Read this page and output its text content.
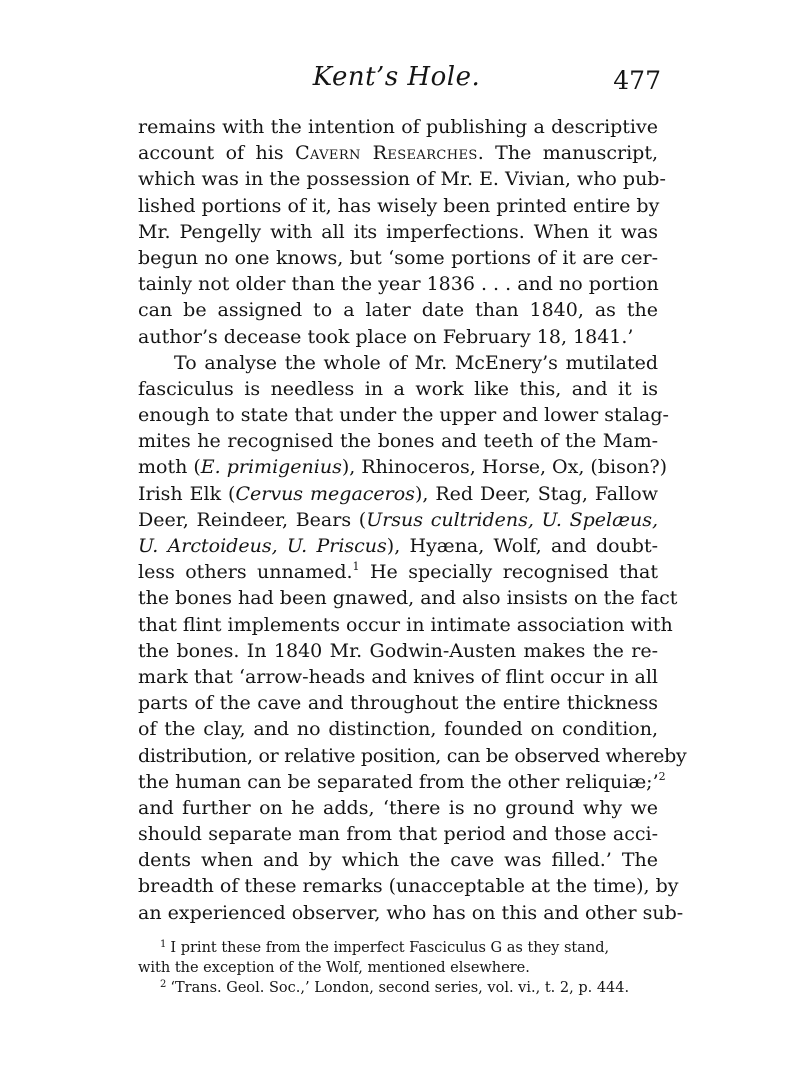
Kent’s Hole.	477
remains with the intention of publishing a descriptive
account of his Cavern Researches. The manuscript,
which was in the possession of Mr. E. Vivian, who pub-
lished portions of it, has wisely been printed entire by
Mr. Pengelly with all its imperfections. When it was
begun no one knows, but ‘some portions of it are cer-
tainly not older than the year 1836 . . . and no portion
can be assigned to a later date than 1840, as the
author’s decease took place on February 18, 1841.’
To analyse the whole of Mr. McEnery’s mutilated
fasciculus is needless in a work like this, and it is
enough to state that under the upper and lower stalag-
mites he recognised the bones and teeth of the Mam-
moth (E. primigenius), Rhinoceros, Horse, Ox, (bison?)
Irish Elk (Cervus megaceros), Red Deer, Stag, Fallow
Deer, Reindeer, Bears (Ursus cultridens, U. Spelæus,
U. Arctoideus, U. Priscus), Hyæna, Wolf, and doubt-
less others unnamed.$^1$ He specially recognised that
the bones had been gnawed, and also insists on the fact
that flint implements occur in intimate association with
the bones. In 1840 Mr. Godwin-Austen makes the re-
mark that ‘arrow-heads and knives of flint occur in all
parts of the cave and throughout the entire thickness
of the clay, and no distinction, founded on condition,
distribution, or relative position, can be observed whereby
the human can be separated from the other reliquiæ;’$^2$
and further on he adds, ‘there is no ground why we
should separate man from that period and those acci-
dents when and by which the cave was filled.’ The
breadth of these remarks (unacceptable at the time), by
an experienced observer, who has on this and other sub-
$^1$ I print these from the imperfect Fasciculus G as they stand,
with the exception of the Wolf, mentioned elsewhere.
$^2$ ‘Trans. Geol. Soc.,’ London, second series, vol. vi., t. 2, p. 444.
